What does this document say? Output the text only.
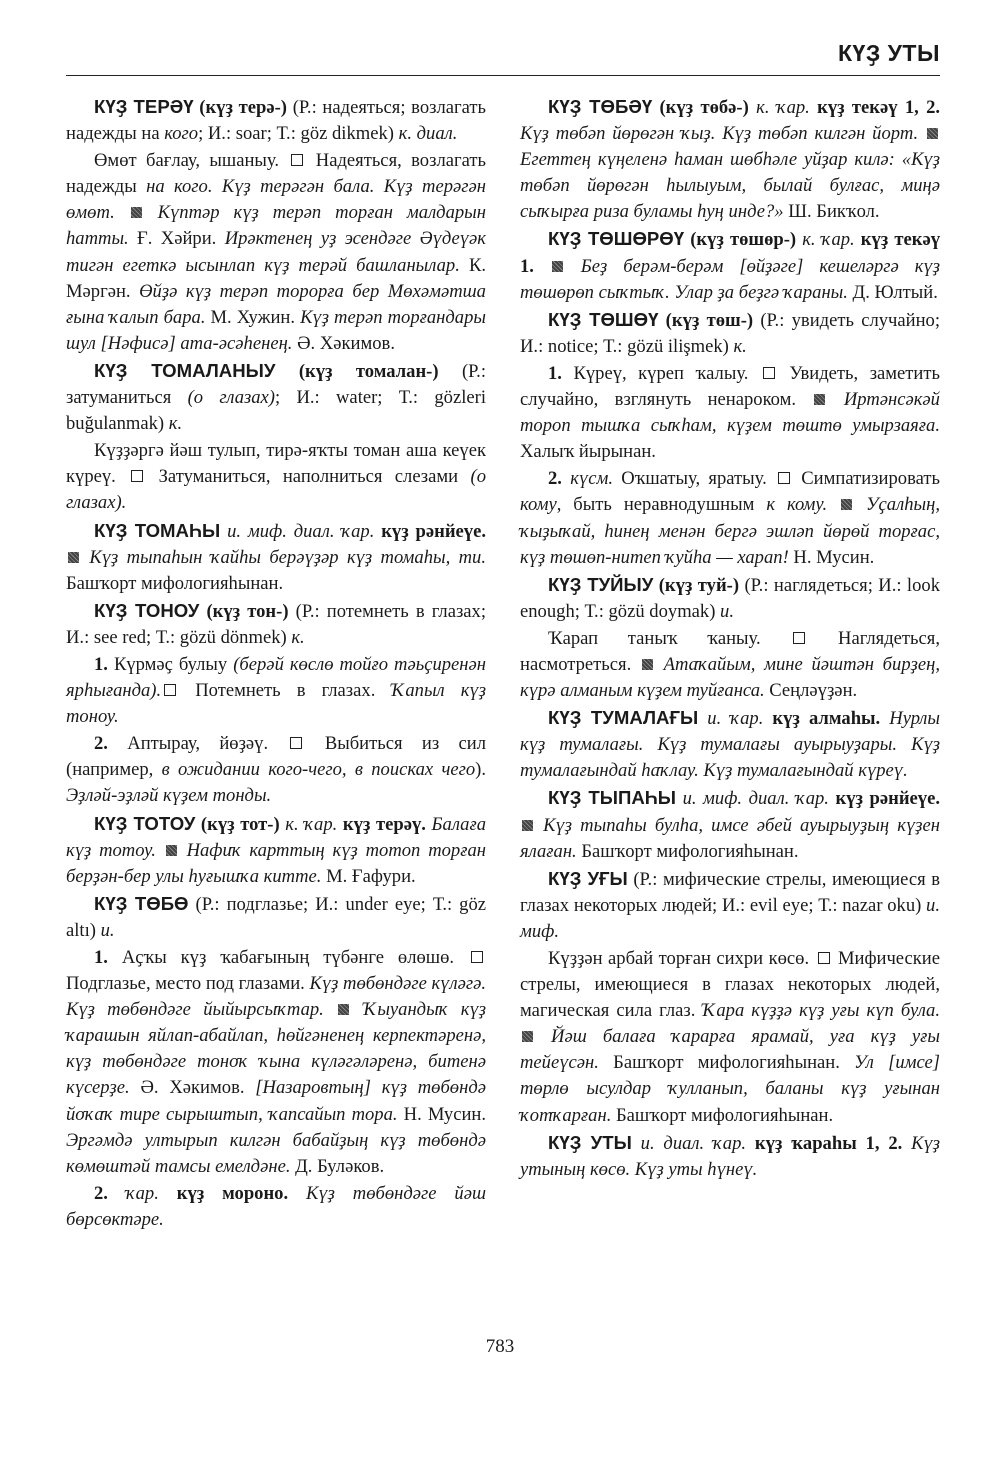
КҮҘ УТЫ

КҮҘ ТЕРӘҮ (күҙ терә-) (Р.: надеяться; возлагать надежды на кого; И.: soar; Т.: göz dikmek) к. диал.

Өмөт бағлау, ышаныу.  Надеяться, возлагать надежды на кого. Күҙ терәгән бала. Күҙ терәгән өмөт.  Күптәр күҙ терәп торған малдарын һатты. Ғ. Хәйри. Ирәктенең уҙ эсендәге Әүдеүәк тигән егеткә ысынлап күҙ терәй башланылар. К. Мәргән. Өйҙә күҙ терәп торорға бер Мөхәмәтша ғына ҡалып бара. М. Хужин. Күҙ терәп торғандары шул [Нәфисә] ата-әсәһенең. Ә. Хәкимов.

КҮҘ ТОМАЛАНЫУ (күҙ томалан-) (Р.: затуманиться (о глазах); И.: water; Т.: gözleri buğulanmak) к.

Күҙҙәргә йәш тулып, тирә-яҡты томан аша кеүек күреү.  Затуманиться, наполниться слезами (о глазах).

КҮҘ ТОМАҺЫ и. миф. диал. ҡар. күҙ рәнйеүе.  Күҙ тыпаһын ҡайһы берәүҙәр күҙ томаһы, ти. Башҡорт мифологияһынан.

КҮҘ ТОНОУ (күҙ тон-) (Р.: потемнеть в глазах; И.: see red; Т.: gözü dönmek) к.

1. Күрмәҫ булыу (берәй көслө тойғо тәьҫиренән ярһығанда). Потемнеть в глазах. Ҡапыл күҙ тоноу.

2. Аптырау, йөҙәү.  Выбиться из сил (например, в ожидании кого-чего, в поисках чего). Эҙләй-эҙләй күҙем тонды.

КҮҘ ТОТОУ (күҙ тот-) к. ҡар. күҙ терәү. Балаға күҙ тотоу.  Нафиҡ карттың күҙ тотоп торған берҙән-бер улы һуғышҡа китте. М. Ғафури.

КҮҘ ТӨБӨ (Р.: подглазье; И.: under eye; Т.: göz altı) и.

1. Аҫҡы күҙ ҡабағының түбәнге өлөшө.  Подглазье, место под глазами. Күҙ төбөндәге күләгә. Күҙ төбөндәге йыйырсыҡтар.  Ҡыуандыҡ күҙ ҡарашын яйлап-абайлап, һөйгәненең керпектәренә, күҙ төбөндәге тоноҡ ҡына күләгәләренә, битенә күсерҙе. Ә. Хәкимов. [Назаровтың] күҙ төбөндә йоҡаҡ тире сырыштып, ҡапсайып тора. Н. Мусин. Эргәмдә ултырып килгән бабайҙың күҙ төбөндә көмөштәй тамсы емелдәне. Д. Буләков.

2. ҡар. күҙ мороно. Күҙ төбөндәге йәш бөрсөктәре.

КҮҘ ТӨБӘҮ (күҙ төбә-) к. ҡар. күҙ текәү 1, 2. Күҙ төбәп йөрөгән ҡыҙ. Күҙ төбәп килгән йорт.  Егеттең күңеленә һаман шөбһәле уйҙар килә: «Күҙ төбәп йөрөгән һылыуым, былай булғас, миңә сыҡырға риза буламы һуң инде?» Ш. Бикҡол.

КҮҘ ТӨШӨРӨҮ (күҙ төшөр-) к. ҡар. күҙ текәү 1.  Беҙ берәм-берәм [өйҙәге] кешеләргә күҙ төшөрөп сыҡтыҡ. Улар ҙа беҙгә ҡараны. Д. Юлтый.

КҮҘ ТӨШӨҮ (күҙ төш-) (Р.: увидеть случайно; И.: notice; Т.: gözü ilişmek) к.

1. Күреү, күреп ҡалыу.  Увидеть, заметить случайно, взглянуть ненароком.  Иртәнсәкәй тороп тышҡа сыҡһам, күҙем төштө умырзаяға. Халыҡ йырынан.

2. күсм. Оҡшатыу, яратыу.  Симпатизировать кому, быть неравнодушным к кому.  Уҫалһың, ҡыҙыҡай, һинең менән бергә эшләп йөрөй торғас, күҙ төшөп-нитеп ҡуйһа — харап! Н. Мусин.

КҮҘ ТУЙЫУ (күҙ туй-) (Р.: наглядеться; И.: look enough; Т.: gözü doymak) и.

Ҡарап таныҡ ҡаныу.  Наглядеться, насмотреться.  Атаҡайым, мине йәштән бирҙең, күрә алманым күҙем туйғанса. Сеңләүҙән.

КҮҘ ТУМАЛАҒЫ и. ҡар. күҙ алмаһы. Нурлы күҙ тумалағы. Күҙ тумалағы ауырыуҙары. Күҙ тумалағындай һаҡлау. Күҙ тумалағындай күреү.

КҮҘ ТЫПАҺЫ и. миф. диал. ҡар. күҙ рәнйеүе.  Күҙ тыпаһы булһа, имсе әбей ауырыуҙың күҙен ялаған. Башҡорт мифологияһынан.

КҮҘ УҒЫ (Р.: мифические стрелы, имеющиеся в глазах некоторых людей; И.: evil eye; Т.: nazar oku) и. миф.

Күҙҙән арбай торған сихри көсө.  Мифические стрелы, имеющиеся в глазах некоторых людей, магическая сила глаз. Ҡара күҙҙә күҙ уғы күп була.  Йәш балаға ҡарарға ярамай, уға күҙ уғы тейеүсән. Башҡорт мифологияһынан. Ул [имсе] төрлө ысулдар ҡулланып, баланы күҙ уғынан ҡотҡарған. Башҡорт мифологияһынан.

КҮҘ УТЫ и. диал. ҡар. күҙ ҡараһы 1, 2. Күҙ утының көсө. Күҙ уты һүнеү.

783
